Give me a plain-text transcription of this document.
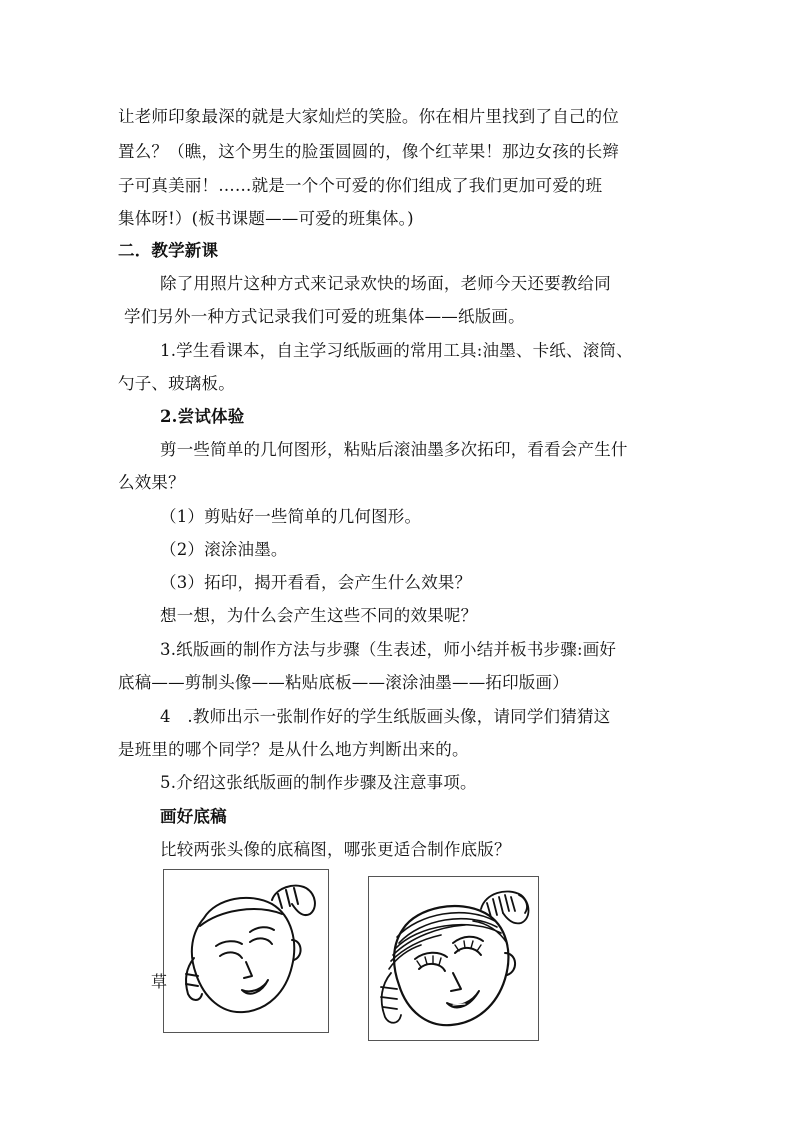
让老师印象最深的就是大家灿烂的笑脸。你在相片里找到了自己的位
置么？（瞧，这个男生的脸蛋圆圆的，像个红苹果！那边女孩的长辫
子可真美丽！……就是一个个可爱的你们组成了我们更加可爱的班
集体呀!）(板书课题——可爱的班集体。)
二．教学新课
除了用照片这种方式来记录欢快的场面，老师今天还要教给同
学们另外一种方式记录我们可爱的班集体——纸版画。
1.学生看课本，自主学习纸版画的常用工具:油墨、卡纸、滚筒、
勺子、玻璃板。
2.尝试体验
剪一些简单的几何图形，粘贴后滚油墨多次拓印，看看会产生什
么效果？
（1）剪贴好一些简单的几何图形。
（2）滚涂油墨。
（3）拓印，揭开看看，会产生什么效果？
想一想，为什么会产生这些不同的效果呢？
3.纸版画的制作方法与步骤（生表述，师小结并板书步骤:画好
底稿——剪制头像——粘贴底板——滚涂油墨——拓印版画）
4　.教师出示一张制作好的学生纸版画头像，请同学们猜猜这
是班里的哪个同学？是从什么地方判断出来的。
5.介绍这张纸版画的制作步骤及注意事项。
画好底稿
比较两张头像的底稿图，哪张更适合制作底版？
草
